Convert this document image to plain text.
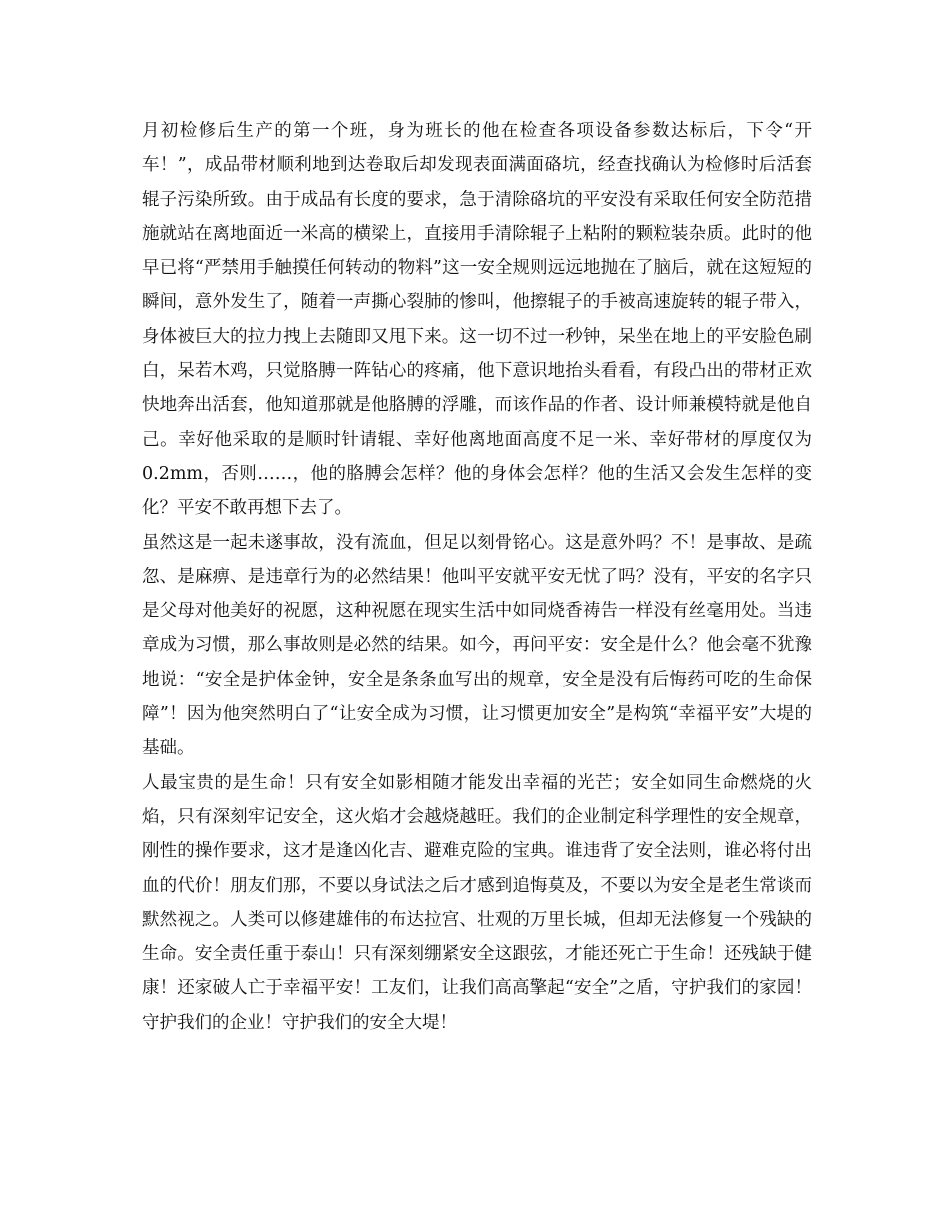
月初检修后生产的第一个班，身为班长的他在检查各项设备参数达标后，下令“开车！”，成品带材顺利地到达卷取后却发现表面满面硌坑，经查找确认为检修时后活套辊子污染所致。由于成品有长度的要求，急于清除硌坑的平安没有采取任何安全防范措施就站在离地面近一米高的横梁上，直接用手清除辊子上粘附的颗粒装杂质。此时的他早已将“严禁用手触摸任何转动的物料”这一安全规则远远地抛在了脑后，就在这短短的瞬间，意外发生了，随着一声撕心裂肺的惨叫，他擦辊子的手被高速旋转的辊子带入，身体被巨大的拉力拽上去随即又甩下来。这一切不过一秒钟，呆坐在地上的平安脸色刷白，呆若木鸡，只觉胳膊一阵钻心的疼痛，他下意识地抬头看看，有段凸出的带材正欢快地奔出活套，他知道那就是他胳膊的浮雕，而该作品的作者、设计师兼模特就是他自己。幸好他采取的是顺时针请辊、幸好他离地面高度不足一米、幸好带材的厚度仅为0.2mm，否则……，他的胳膊会怎样？他的身体会怎样？他的生活又会发生怎样的变化？平安不敢再想下去了。

虽然这是一起未遂事故，没有流血，但足以刻骨铭心。这是意外吗？不！是事故、是疏忽、是麻痹、是违章行为的必然结果！他叫平安就平安无忧了吗？没有，平安的名字只是父母对他美好的祝愿，这种祝愿在现实生活中如同烧香祷告一样没有丝毫用处。当违章成为习惯，那么事故则是必然的结果。如今，再问平安：安全是什么？他会毫不犹豫地说：“安全是护体金钟，安全是条条血写出的规章，安全是没有后悔药可吃的生命保障”！因为他突然明白了“让安全成为习惯，让习惯更加安全”是构筑“幸福平安”大堤的基础。

人最宝贵的是生命！只有安全如影相随才能发出幸福的光芒；安全如同生命燃烧的火焰，只有深刻牢记安全，这火焰才会越烧越旺。我们的企业制定科学理性的安全规章，刚性的操作要求，这才是逢凶化吉、避难克险的宝典。谁违背了安全法则，谁必将付出血的代价！朋友们那，不要以身试法之后才感到追悔莫及，不要以为安全是老生常谈而默然视之。人类可以修建雄伟的布达拉宫、壮观的万里长城，但却无法修复一个残缺的生命。安全责任重于泰山！只有深刻绷紧安全这跟弦，才能还死亡于生命！还残缺于健康！还家破人亡于幸福平安！工友们，让我们高高擎起“安全”之盾，守护我们的家园！守护我们的企业！守护我们的安全大堤！
